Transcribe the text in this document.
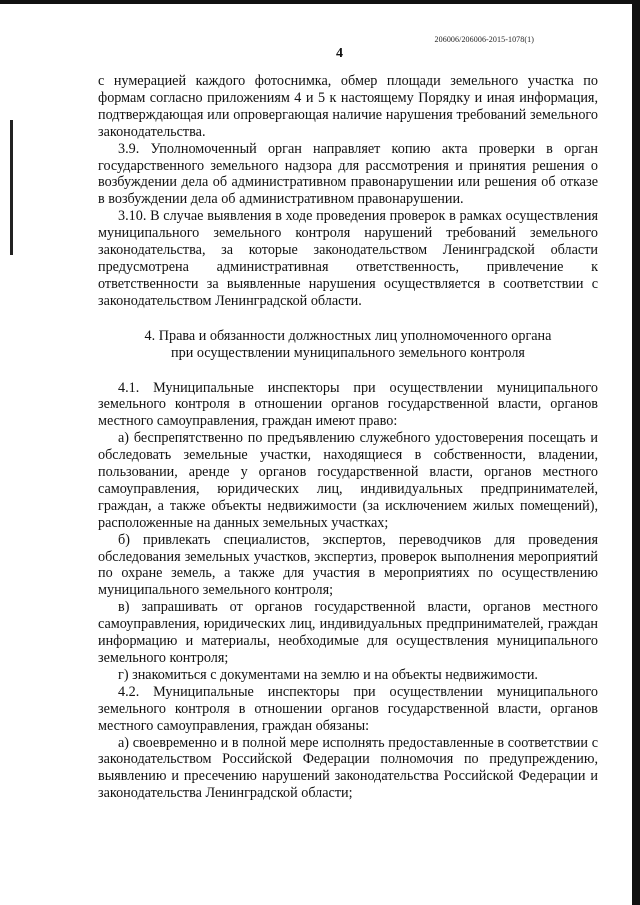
206006/206006-2015-1078(1)
4

с нумерацией каждого фотоснимка, обмер площади земельного участка по формам согласно приложениям 4 и 5 к настоящему Порядку и иная информация, подтверждающая или опровергающая наличие нарушения требований земельного законодательства.

3.9. Уполномоченный орган направляет копию акта проверки в орган государственного земельного надзора для рассмотрения и принятия решения о возбуждении дела об административном правонарушении или решения об отказе в возбуждении дела об административном правонарушении.

3.10. В случае выявления в ходе проведения проверок в рамках осуществления муниципального земельного контроля нарушений требований земельного законодательства, за которые законодательством Ленинградской области предусмотрена административная ответственность, привлечение к ответственности за выявленные нарушения осуществляется в соответствии с законодательством Ленинградской области.

4. Права и обязанности должностных лиц уполномоченного органа
при осуществлении муниципального земельного контроля

4.1. Муниципальные инспекторы при осуществлении муниципального земельного контроля в отношении органов государственной власти, органов местного самоуправления, граждан имеют право:

а) беспрепятственно по предъявлению служебного удостоверения посещать и обследовать земельные участки, находящиеся в собственности, владении, пользовании, аренде у органов государственной власти, органов местного самоуправления, юридических лиц, индивидуальных предпринимателей, граждан, а также объекты недвижимости (за исключением жилых помещений), расположенные на данных земельных участках;

б) привлекать специалистов, экспертов, переводчиков для проведения обследования земельных участков, экспертиз, проверок выполнения мероприятий по охране земель, а также для участия в мероприятиях по осуществлению муниципального земельного контроля;

в) запрашивать от органов государственной власти, органов местного самоуправления, юридических лиц, индивидуальных предпринимателей, граждан информацию и материалы, необходимые для осуществления муниципального земельного контроля;

г) знакомиться с документами на землю и на объекты недвижимости.

4.2. Муниципальные инспекторы при осуществлении муниципального земельного контроля в отношении органов государственной власти, органов местного самоуправления, граждан обязаны:

а) своевременно и в полной мере исполнять предоставленные в соответствии с законодательством Российской Федерации полномочия по предупреждению, выявлению и пресечению нарушений законодательства Российской Федерации и законодательства Ленинградской области;
